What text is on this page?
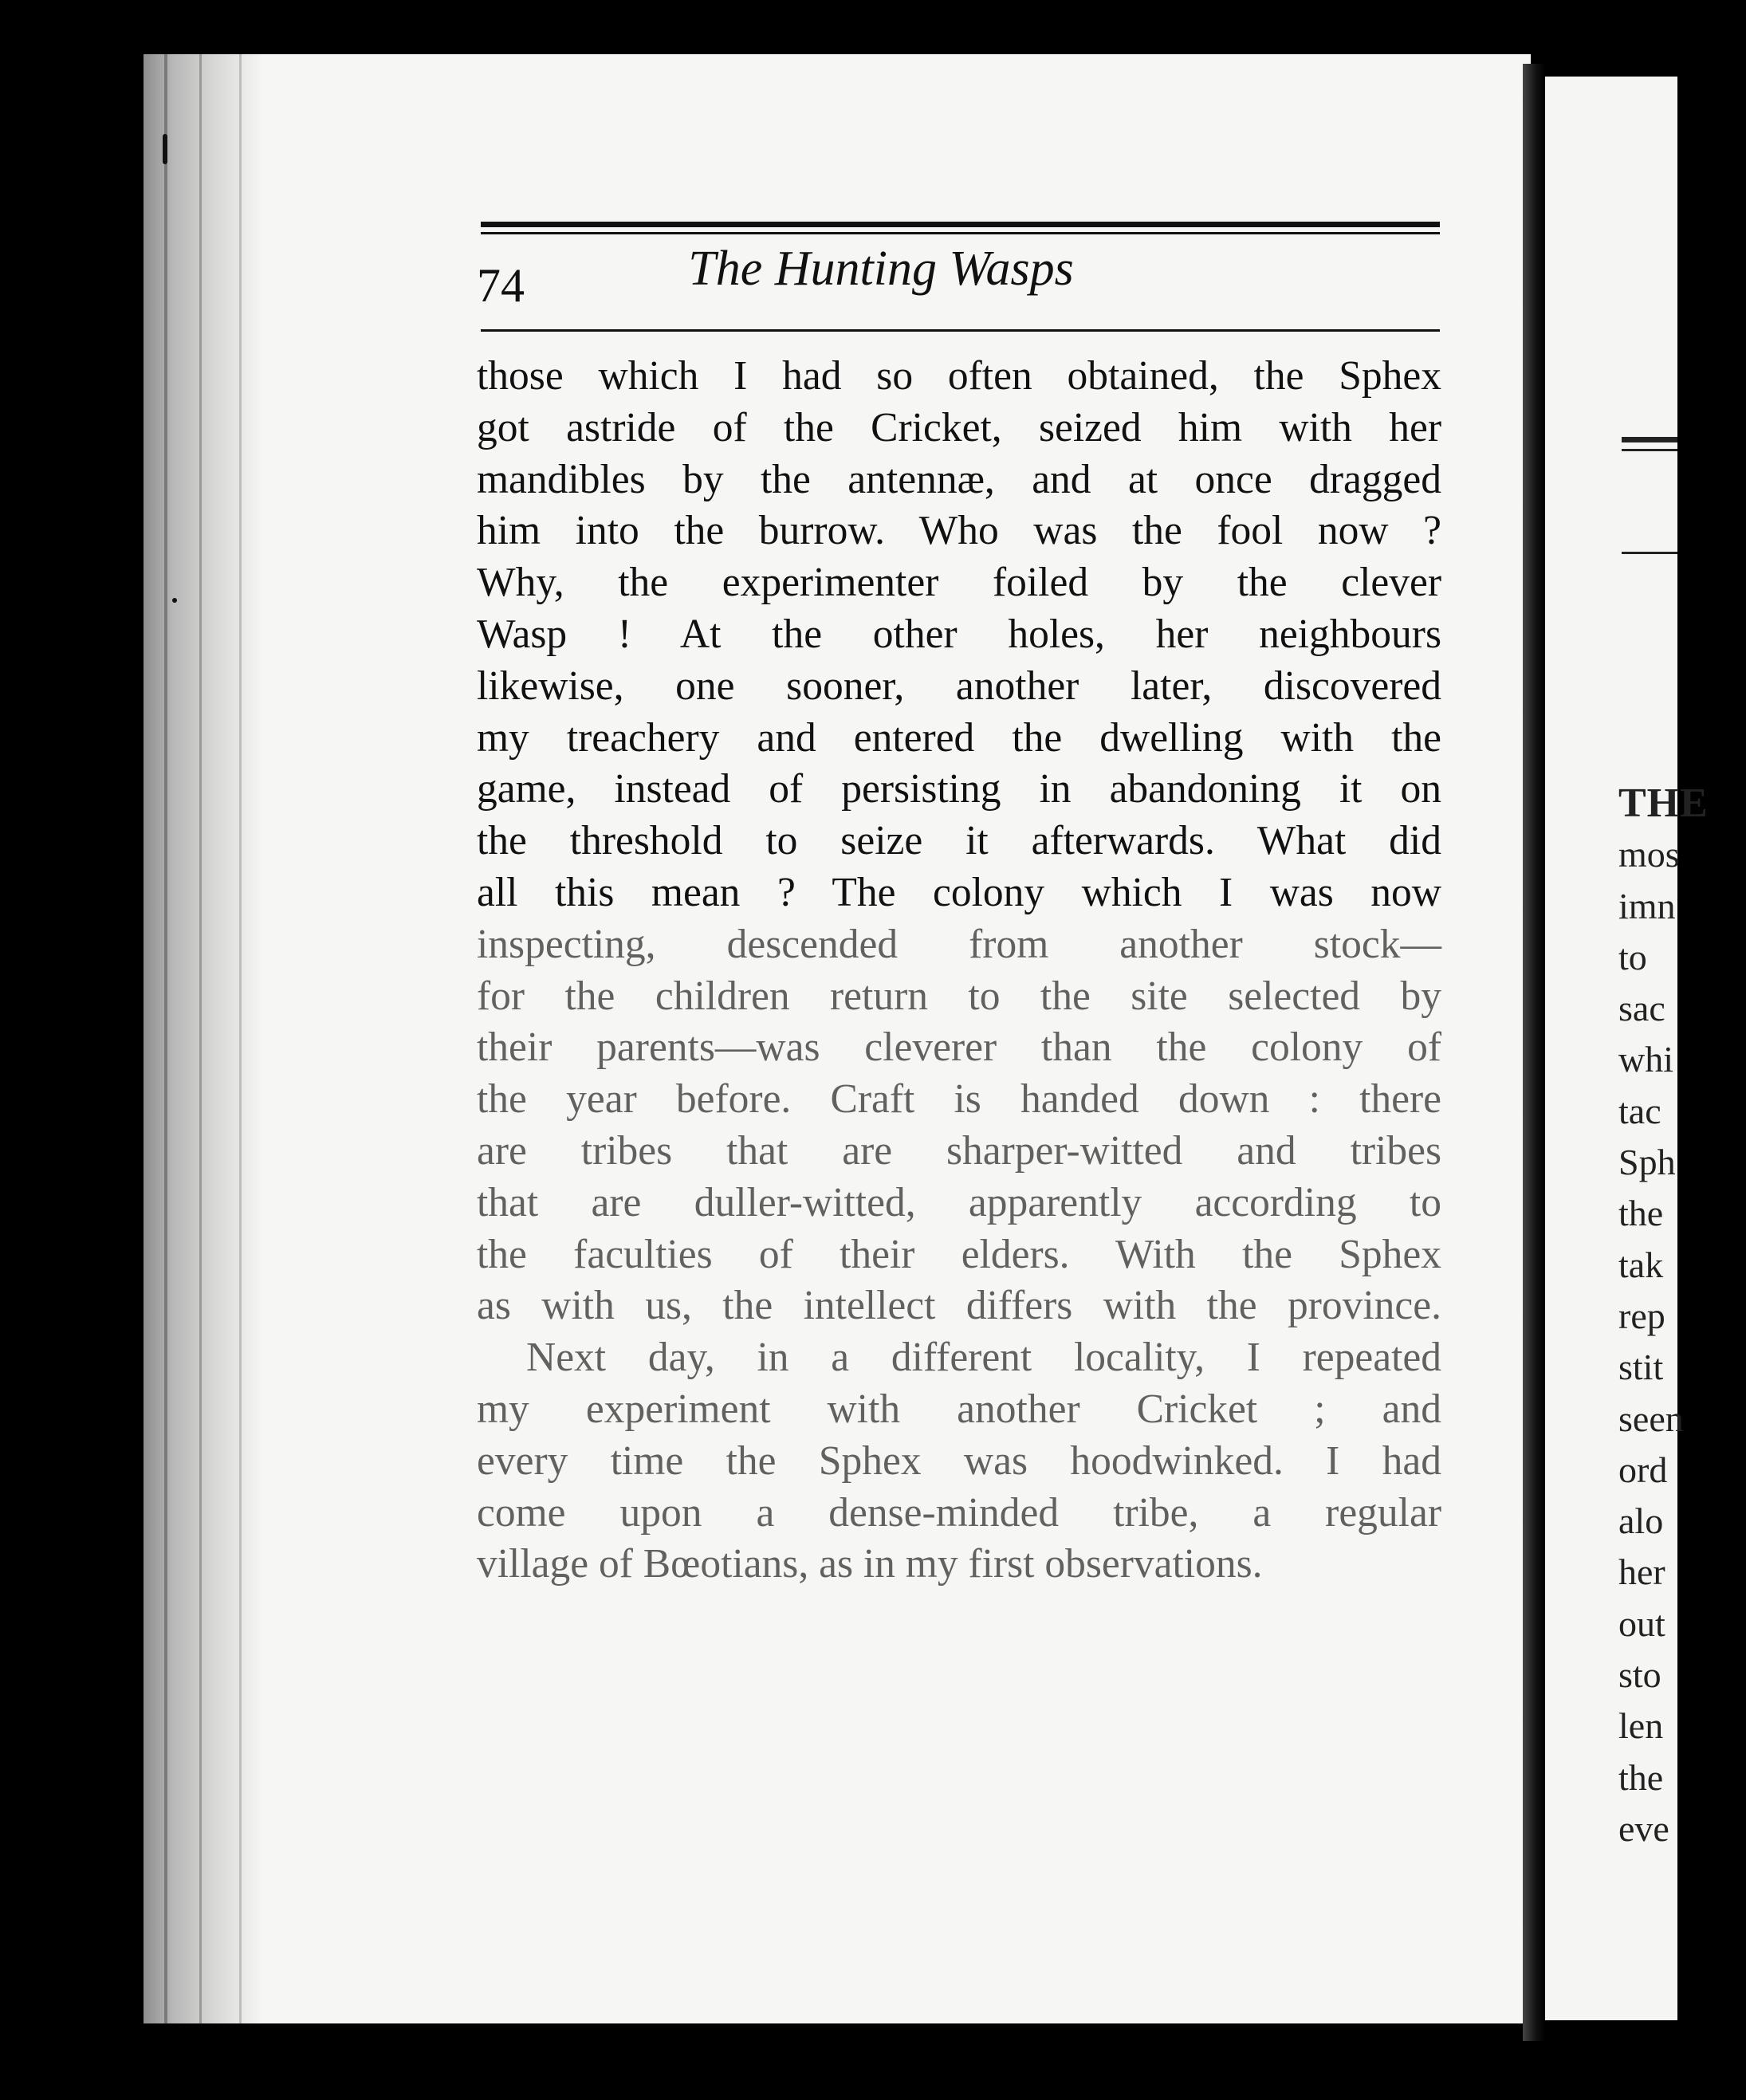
74	The Hunting Wasps
those which I had so often obtained, the Sphex
got astride of the Cricket, seized him with her
mandibles by the antennæ, and at once dragged
him into the burrow. Who was the fool now ?
Why, the experimenter foiled by the clever
Wasp ! At the other holes, her neighbours
likewise, one sooner, another later, discovered
my treachery and entered the dwelling with the
game, instead of persisting in abandoning it on
the threshold to seize it afterwards. What did
all this mean ? The colony which I was now
inspecting, descended from another stock—
for the children return to the site selected by
their parents—was cleverer than the colony of
the year before. Craft is handed down : there
are tribes that are sharper-witted and tribes
that are duller-witted, apparently according to
the faculties of their elders. With the Sphex
as with us, the intellect differs with the province.
Next day, in a different locality, I repeated
my experiment with another Cricket ; and
every time the Sphex was hoodwinked. I had
come upon a dense-minded tribe, a regular
village of Bœotians, as in my first observations.
THE
mos
imn
to
sac
whi
tac
Sph
the
tak
rep
stit
seen
ord
alo
her
out
sto
len
the
eve
